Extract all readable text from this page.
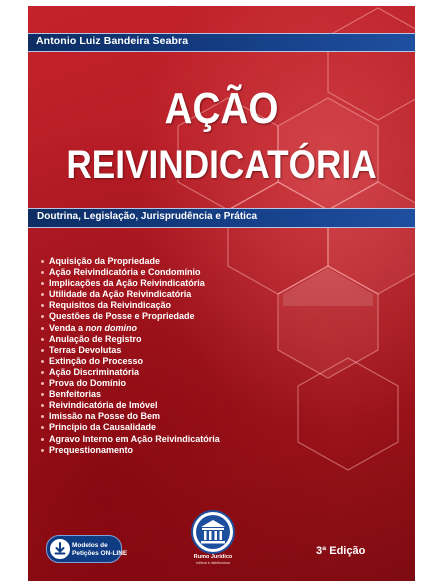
Antonio Luiz Bandeira Seabra
AÇÃO
REIVINDICATÓRIA
Doutrina, Legislação, Jurisprudência e Prática
Aquisição da Propriedade
Ação Reivindicatória e Condomínio
Implicações da Ação Reivindicatória
Utilidade da Ação Reivindicatória
Requisitos da Reivindicação
Questões de Posse e Propriedade
Venda a non domino
Anulação de Registro
Terras Devolutas
Extinção do Processo
Ação Discriminatória
Prova do Domínio
Benfeitorias
Reivindicatória de Imóvel
Imissão na Posse do Bem
Princípio da Causalidade
Agravo Interno em Ação Reivindicatória
Prequestionamento
Modelos de
Petições ON-LINE	Rumo Jurídico
editora e distribuidora
3ª Edição
